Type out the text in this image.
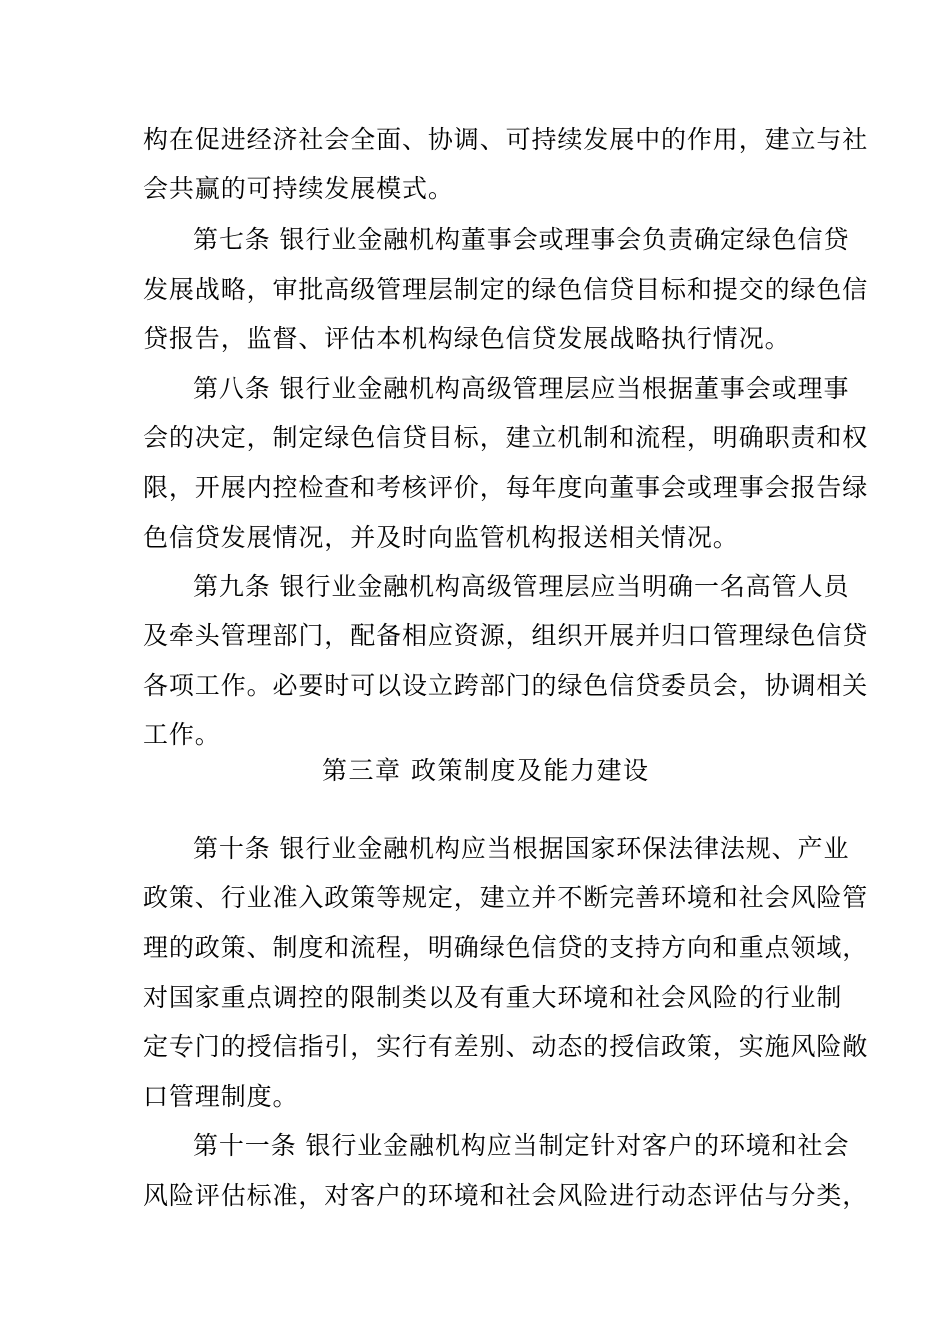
构在促进经济社会全面、协调、可持续发展中的作用，建立与社
会共赢的可持续发展模式。
第七条 银行业金融机构董事会或理事会负责确定绿色信贷
发展战略，审批高级管理层制定的绿色信贷目标和提交的绿色信
贷报告，监督、评估本机构绿色信贷发展战略执行情况。
第八条 银行业金融机构高级管理层应当根据董事会或理事
会的决定，制定绿色信贷目标，建立机制和流程，明确职责和权
限，开展内控检查和考核评价，每年度向董事会或理事会报告绿
色信贷发展情况，并及时向监管机构报送相关情况。
第九条 银行业金融机构高级管理层应当明确一名高管人员
及牵头管理部门，配备相应资源，组织开展并归口管理绿色信贷
各项工作。必要时可以设立跨部门的绿色信贷委员会，协调相关
工作。
第三章 政策制度及能力建设
第十条 银行业金融机构应当根据国家环保法律法规、产业
政策、行业准入政策等规定，建立并不断完善环境和社会风险管
理的政策、制度和流程，明确绿色信贷的支持方向和重点领域，
对国家重点调控的限制类以及有重大环境和社会风险的行业制
定专门的授信指引，实行有差别、动态的授信政策，实施风险敞
口管理制度。
第十一条 银行业金融机构应当制定针对客户的环境和社会
风险评估标准，对客户的环境和社会风险进行动态评估与分类，
